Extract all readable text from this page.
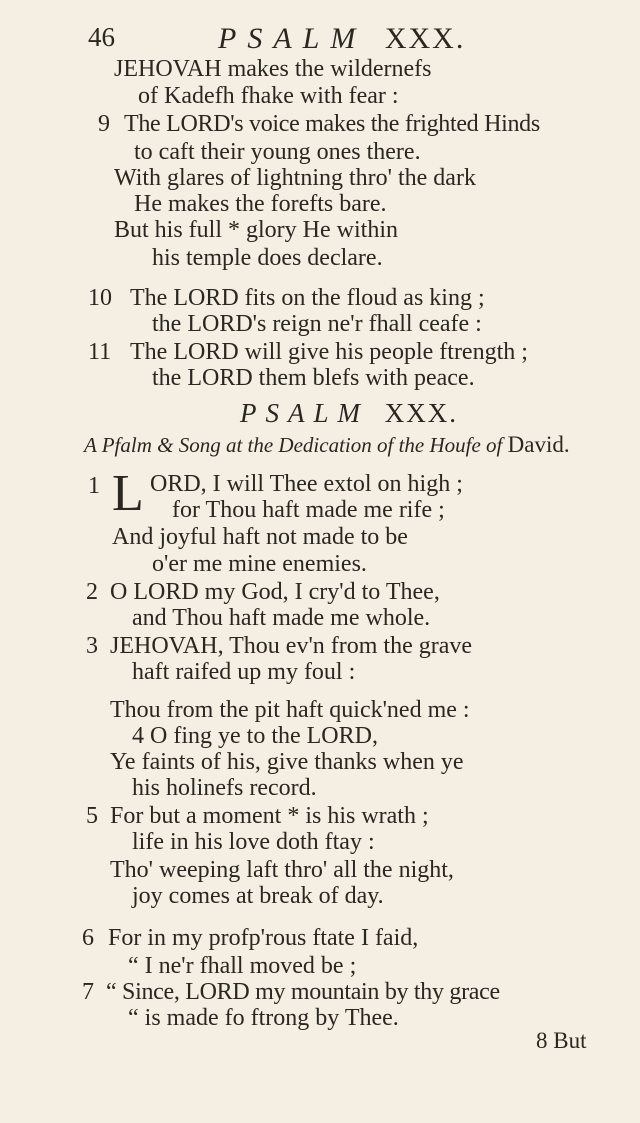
46	PSALM XXX.
JEHOVAH makes the wildernefs
of Kadefh fhake with fear :
9 The LORD's voice makes the frighted Hinds
to caft their young ones there.
With glares of lightning thro' the dark
He makes the forefts bare.
But his full * glory He within
his temple does declare.
10 The LORD fits on the floud as king ;
the LORD's reign ne'r fhall ceafe :
11 The LORD will give his people ftrength ;
the LORD them blefs with peace.
PSALM XXX.
A Pfalm & Song at the Dedication of the Houfe of David.
1 L ORD, I will Thee extol on high ;
for Thou haft made me rife ;
And joyful haft not made to be
o'er me mine enemies.
2 O LORD my God, I cry'd to Thee,
and Thou haft made me whole.
3 JEHOVAH, Thou ev'n from the grave
haft raifed up my foul :
Thou from the pit haft quick'ned me :
4 O fing ye to the LORD,
Ye faints of his, give thanks when ye
his holinefs record.
5 For but a moment * is his wrath ;
life in his love doth ftay :
Tho' weeping laft thro' all the night,
joy comes at break of day.
6 For in my profp'rous ftate I faid,
“ I ne'r fhall moved be ;
7 “ Since, LORD my mountain by thy grace
“ is made fo ftrong by Thee.
8 But
